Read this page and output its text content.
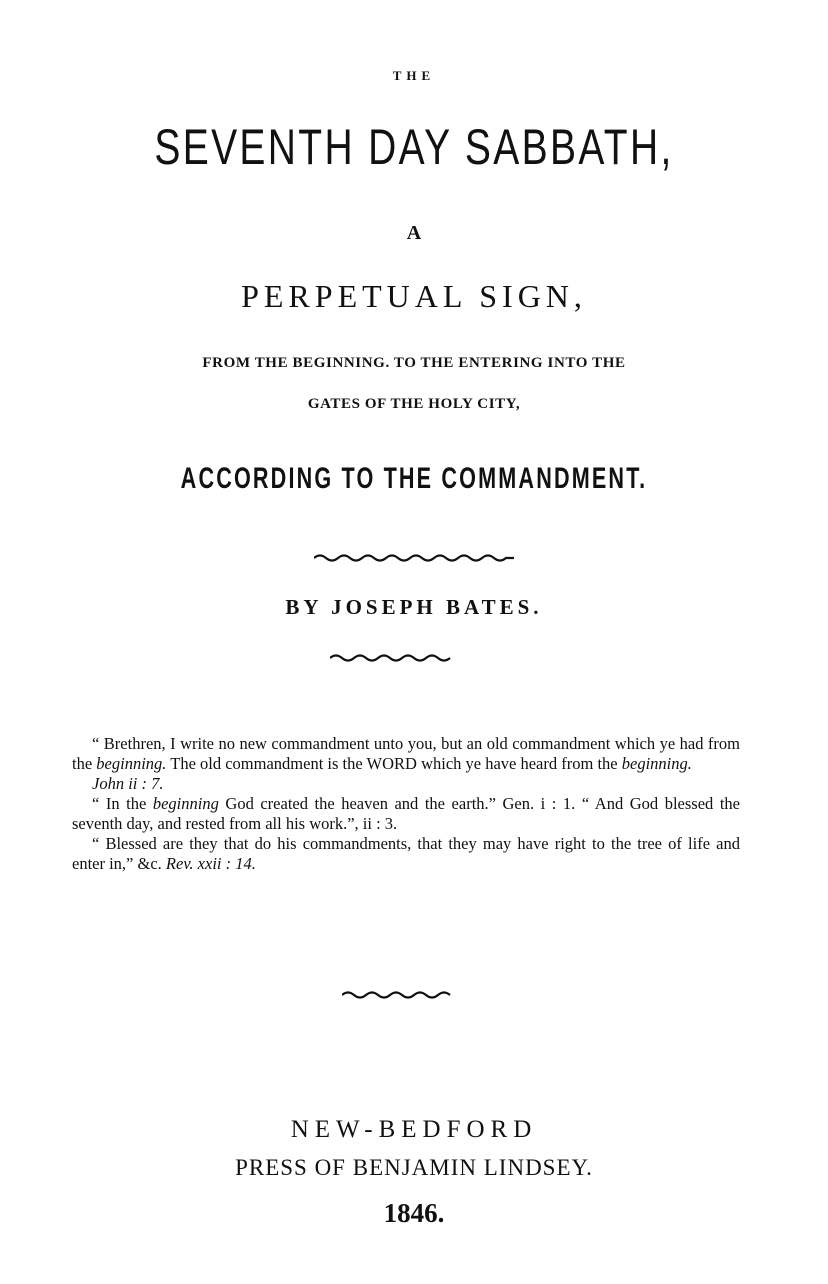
THE
SEVENTH DAY SABBATH,
A
PERPETUAL SIGN,
FROM THE BEGINNING. TO THE ENTERING INTO THE
GATES OF THE HOLY CITY,
ACCORDING TO THE COMMANDMENT.
BY JOSEPH BATES.

“ Brethren, I write no new commandment unto you, but an old commandment which ye had from the beginning. The old commandment is the WORD which ye have heard from the beginning.
John ii : 7.

“ In the beginning God created the heaven and the earth.” Gen. i : 1. “ And God blessed the seventh day, and rested from all his work.”, ii : 3.

“ Blessed are they that do his commandments, that they may have right to the tree of life and enter in,” &c. Rev. xxii : 14.

NEW-BEDFORD
PRESS OF BENJAMIN LINDSEY.
1846.
